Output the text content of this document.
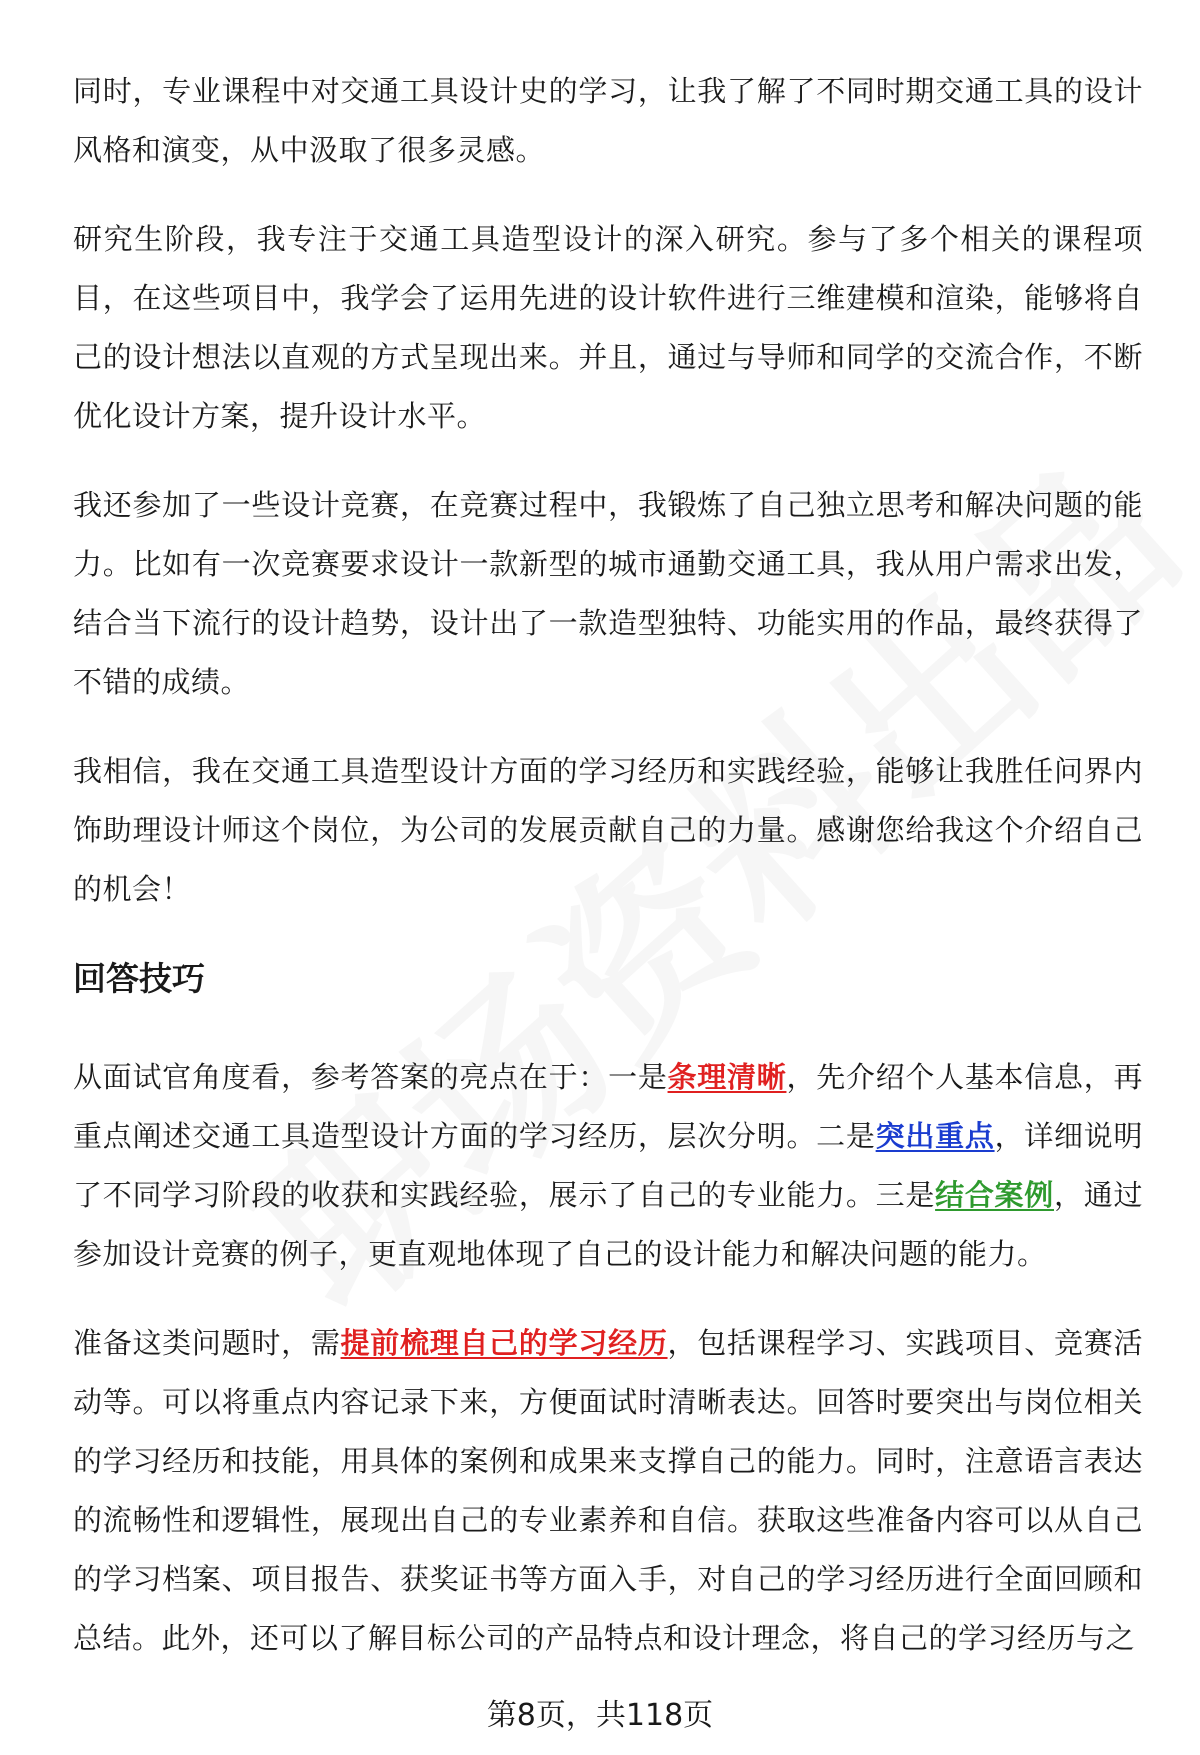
同时，专业课程中对交通工具设计史的学习，让我了解了不同时期交通工具的设计风格和演变，从中汲取了很多灵感。

研究生阶段，我专注于交通工具造型设计的深入研究。参与了多个相关的课程项目，在这些项目中，我学会了运用先进的设计软件进行三维建模和渲染，能够将自己的设计想法以直观的方式呈现出来。并且，通过与导师和同学的交流合作，不断优化设计方案，提升设计水平。

我还参加了一些设计竞赛，在竞赛过程中，我锻炼了自己独立思考和解决问题的能力。比如有一次竞赛要求设计一款新型的城市通勤交通工具，我从用户需求出发，结合当下流行的设计趋势，设计出了一款造型独特、功能实用的作品，最终获得了不错的成绩。

我相信，我在交通工具造型设计方面的学习经历和实践经验，能够让我胜任问界内饰助理设计师这个岗位，为公司的发展贡献自己的力量。感谢您给我这个介绍自己的机会！

回答技巧

从面试官角度看，参考答案的亮点在于：一是条理清晰，先介绍个人基本信息，再重点阐述交通工具造型设计方面的学习经历，层次分明。二是突出重点，详细说明了不同学习阶段的收获和实践经验，展示了自己的专业能力。三是结合案例，通过参加设计竞赛的例子，更直观地体现了自己的设计能力和解决问题的能力。

准备这类问题时，需提前梳理自己的学习经历，包括课程学习、实践项目、竞赛活动等。可以将重点内容记录下来，方便面试时清晰表达。回答时要突出与岗位相关的学习经历和技能，用具体的案例和成果来支撑自己的能力。同时，注意语言表达的流畅性和逻辑性，展现出自己的专业素养和自信。获取这些准备内容可以从自己的学习档案、项目报告、获奖证书等方面入手，对自己的学习经历进行全面回顾和总结。此外，还可以了解目标公司的产品特点和设计理念，将自己的学习经历与之

第8页，共118页
